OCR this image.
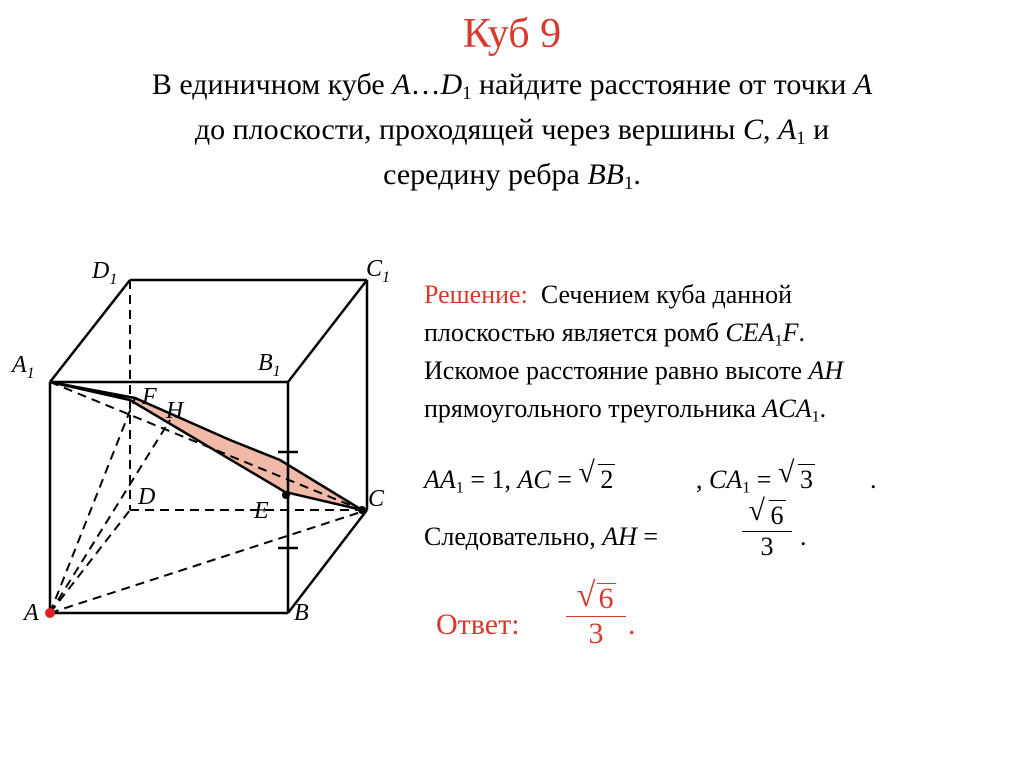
Куб 9
В единичном кубе $A\dots D_1$ найдите расстояние от точки A
до плоскости, проходящей через вершины C, $A_1$ и
середину ребра $BB_1$.
$D_1$	$C_1$
$A_1$	$B_1$
F
H
D
E	C
A	B
Решение:  Сечением куба данной
плоскостью является ромб $CEA_1F$.
Искомое расстояние равно высоте AH
прямоугольного треугольника $ACA_1$.
$AA_1 = 1$, AC = √ 2	, $CA_1$ = √ 3 .
Следовательно, AH =
√ 6
3	.
Ответ:
√ 6
3 .
